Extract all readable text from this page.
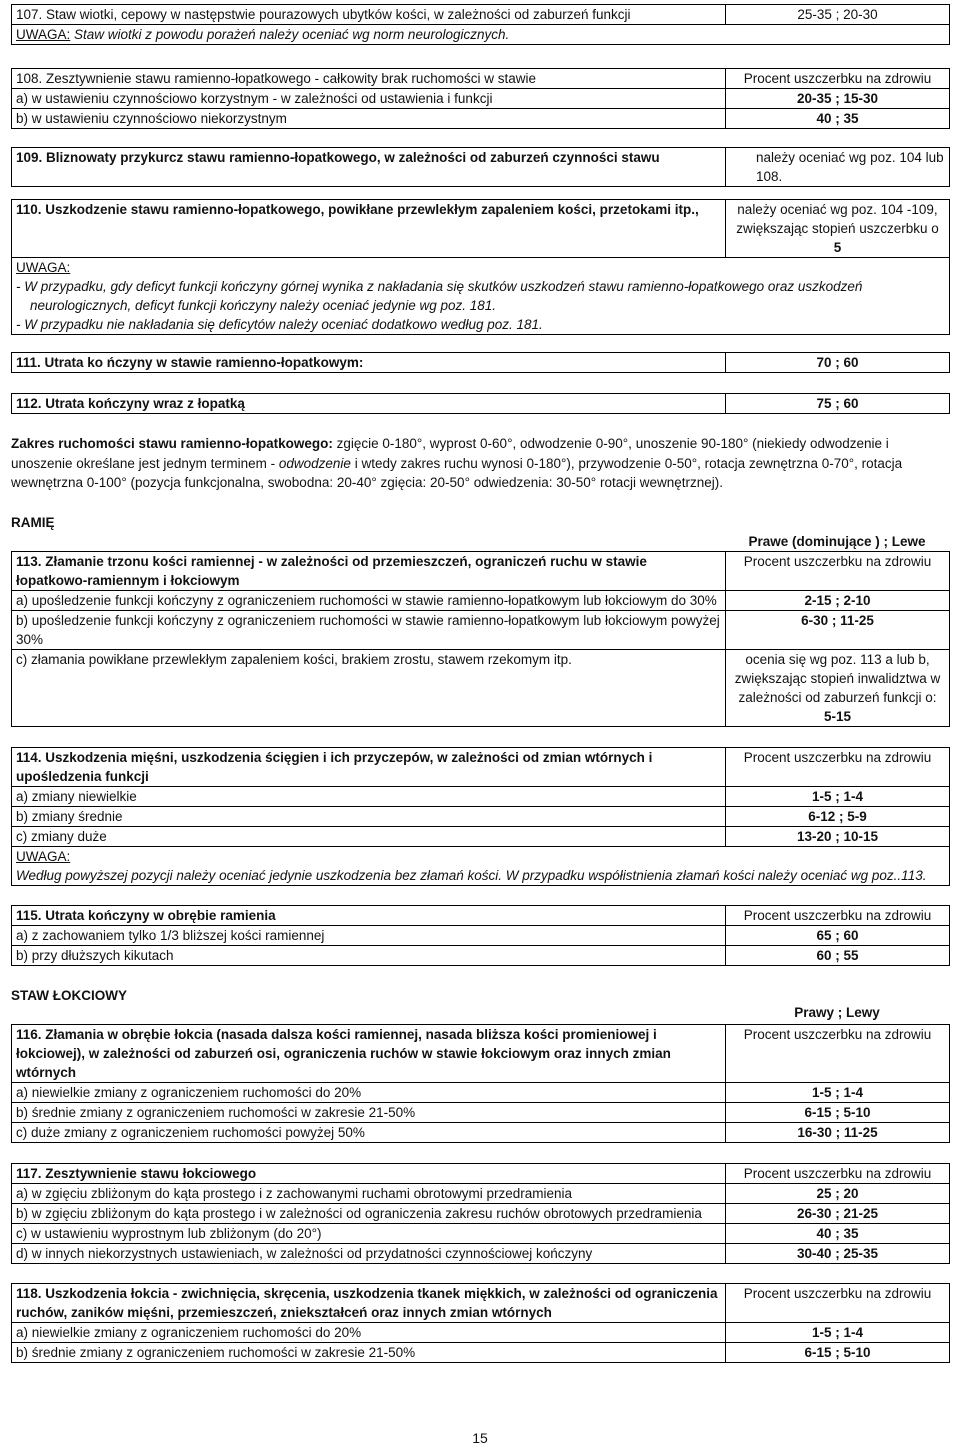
107. Staw wiotki, cepowy w następstwie pourazowych ubytków kości, w zależności od zaburzeń funkcji	25-35 ; 20-30
UWAGA: Staw wiotki z powodu porażeń należy oceniać wg norm neurologicznych.
108. Zesztywnienie stawu ramienno-łopatkowego - całkowity brak ruchomości w stawie	Procent uszczerbku na zdrowiu
a) w ustawieniu czynnościowo korzystnym - w zależności od ustawienia i funkcji	20-35 ; 15-30
b) w ustawieniu czynnościowo niekorzystnym	40 ; 35
109. Bliznowaty przykurcz stawu ramienno-łopatkowego, w zależności od zaburzeń czynności stawu	należy oceniać wg poz. 104 lub 108.
110. Uszkodzenie stawu ramienno-łopatkowego, powikłane przewlekłym zapaleniem kości, przetokami itp.,	należy oceniać wg poz. 104 -109,
zwiększając stopień uszczerbku o
5

UWAGA:
- W przypadku, gdy deficyt funkcji kończyny górnej wynika z nakładania się skutków uszkodzeń stawu ramienno-łopatkowego oraz uszkodzeń
neurologicznych, deficyt funkcji kończyny należy oceniać jedynie wg poz. 181.
- W przypadku nie nakładania się deficytów należy oceniać dodatkowo według poz. 181.
111. Utrata ko ńczyny w stawie ramienno-łopatkowym:	70 ; 60
112. Utrata kończyny wraz z łopatką	75 ; 60
Zakres ruchomości stawu ramienno-łopatkowego: zgięcie 0-180°, wyprost 0-60°, odwodzenie 0-90°, unoszenie 90-180° (niekiedy odwodzenie i
unoszenie określane jest jednym terminem - odwodzenie i wtedy zakres ruchu wynosi 0-180°), przywodzenie 0-50°, rotacja zewnętrzna 0-70°, rotacja
wewnętrzna 0-100° (pozycja funkcjonalna, swobodna: 20-40° zgięcia: 20-50° odwiedzenia: 30-50° rotacji wewnętrznej).
RAMIĘ
Prawe (dominujące ) ; Lewe
113. Złamanie trzonu kości ramiennej - w zależności od przemieszczeń, ograniczeń ruchu w stawie łopatkowo-ramiennym i łokciowym	Procent uszczerbku na zdrowiu
a) upośledzenie funkcji kończyny z ograniczeniem ruchomości w stawie ramienno-łopatkowym lub łokciowym do 30%	2-15 ; 2-10
b) upośledzenie funkcji kończyny z ograniczeniem ruchomości w stawie ramienno-łopatkowym lub łokciowym powyżej 30%	6-30 ; 11-25
c) złamania powikłane przewlekłym zapaleniem kości, brakiem zrostu, stawem rzekomym itp.	ocenia się wg poz. 113 a lub b,
zwiększając stopień inwalidztwa w
zależności od zaburzeń funkcji o:
5-15
114. Uszkodzenia mięśni, uszkodzenia ścięgien i ich przyczepów, w zależności od zmian wtórnych i upośledzenia funkcji	Procent uszczerbku na zdrowiu
a) zmiany niewielkie	1-5 ; 1-4
b) zmiany średnie	6-12 ; 5-9
c) zmiany duże	13-20 ; 10-15

UWAGA:
Według powyższej pozycji należy oceniać jedynie uszkodzenia bez złamań kości. W przypadku współistnienia złamań kości należy oceniać wg poz..113.	
115. Utrata kończyny w obrębie ramienia	Procent uszczerbku na zdrowiu
a) z zachowaniem tylko 1/3 bliższej kości ramiennej	65 ; 60
b) przy dłuższych kikutach	60 ; 55
STAW ŁOKCIOWY
Prawy ; Lewy
116. Złamania w obrębie łokcia (nasada dalsza kości ramiennej, nasada bliższa kości promieniowej i łokciowej), w zależności od zaburzeń osi, ograniczenia ruchów w stawie łokciowym oraz innych zmian wtórnych	Procent uszczerbku na zdrowiu
a) niewielkie zmiany z ograniczeniem ruchomości do 20%	1-5 ; 1-4
b) średnie zmiany z ograniczeniem ruchomości w zakresie 21-50%	6-15 ; 5-10
c) duże zmiany z ograniczeniem ruchomości powyżej 50%	16-30 ; 11-25
117. Zesztywnienie stawu łokciowego	Procent uszczerbku na zdrowiu
a) w zgięciu zbliżonym do kąta prostego i z zachowanymi ruchami obrotowymi przedramienia	25 ; 20
b) w zgięciu zbliżonym do kąta prostego i w zależności od ograniczenia zakresu ruchów obrotowych przedramienia	26-30 ; 21-25
c) w ustawieniu wyprostnym lub zbliżonym (do 20°)	40 ; 35
d) w innych niekorzystnych ustawieniach, w zależności od przydatności czynnościowej kończyny	30-40 ; 25-35
118. Uszkodzenia łokcia - zwichnięcia, skręcenia, uszkodzenia tkanek miękkich, w zależności od ograniczenia ruchów, zaników mięśni, przemieszczeń, zniekształceń oraz innych zmian wtórnych	Procent uszczerbku na zdrowiu
a) niewielkie zmiany z ograniczeniem ruchomości do 20%	1-5 ; 1-4
b) średnie zmiany z ograniczeniem ruchomości w zakresie 21-50%	6-15 ; 5-10
15
